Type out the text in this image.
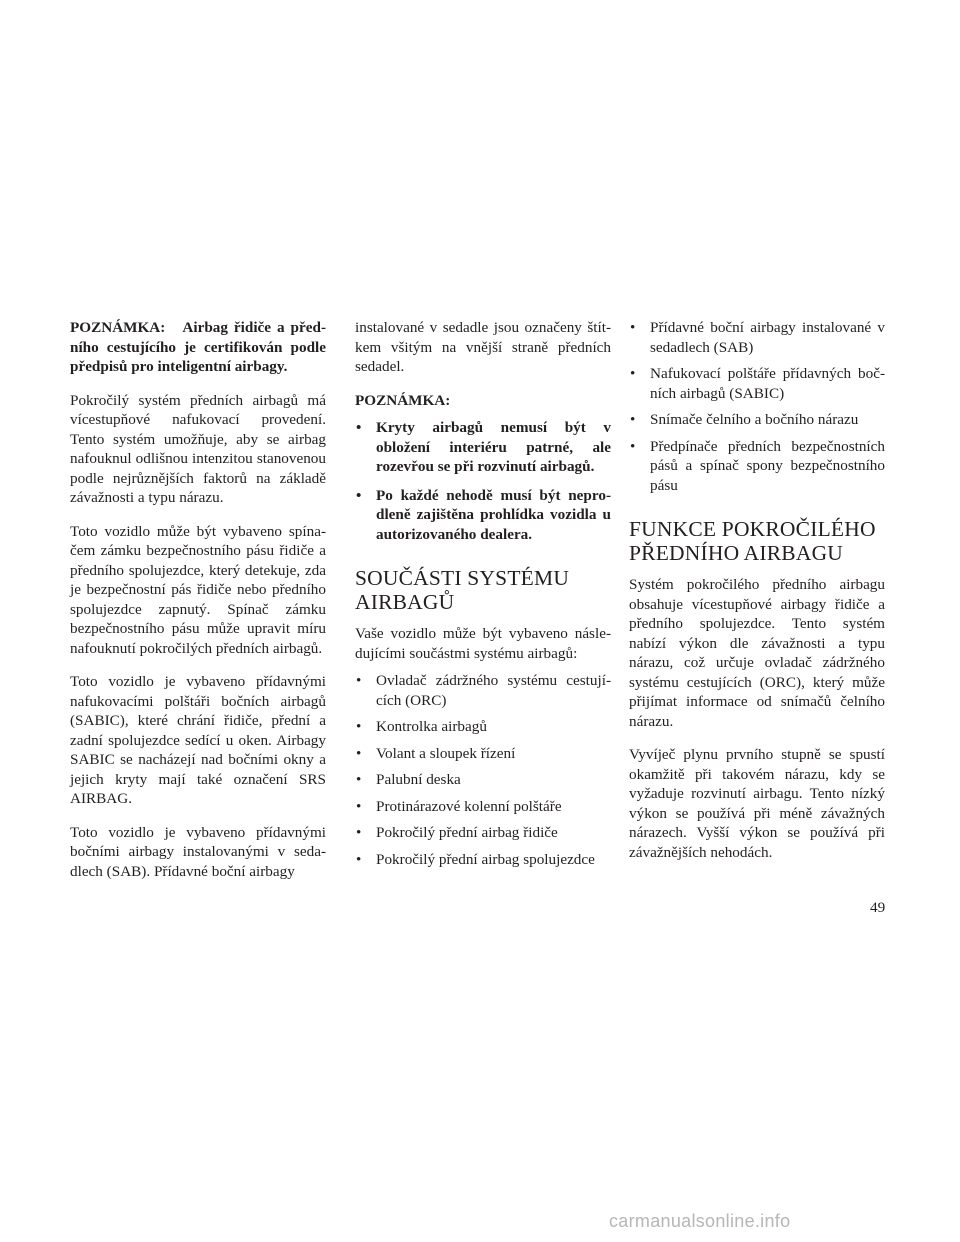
POZNÁMKA: Airbag řidiče a předního cestujícího je certifikován podle předpisů pro inteligentní airbagy.

Pokročilý systém předních airbagů má vícestupňové nafukovací provedení. Tento systém umožňuje, aby se airbag nafouknul odlišnou intenzitou stanovenou podle nejrůznějších faktorů na základě závažnosti a typu nárazu.

Toto vozidlo může být vybaveno spínačem zámku bezpečnostního pásu řidiče a předního spolujezdce, který detekuje, zda je bezpečnostní pás řidiče nebo předního spolujezdce zapnutý. Spínač zámku bezpečnostního pásu může upravit míru nafouknutí pokročilých předních airbagů.

Toto vozidlo je vybaveno přídavnými nafukovacími polštáři bočních airbagů (SABIC), které chrání řidiče, přední a zadní spolujezdce sedící u oken. Airbagy SABIC se nacházejí nad bočními okny a jejich kryty mají také označení SRS AIRBAG.

Toto vozidlo je vybaveno přídavnými bočními airbagy instalovanými v sedadlech (SAB). Přídavné boční airbagy

instalované v sedadle jsou označeny štítkem všitým na vnější straně předních sedadel.

POZNÁMKA:
• Kryty airbagů nemusí být v obložení interiéru patrné, ale rozevřou se při rozvinutí airbagů.
• Po každé nehodě musí být neprodleně zajištěna prohlídka vozidla u autorizovaného dealera.
SOUČÁSTI SYSTÉMU
AIRBAGŮ

Vaše vozidlo může být vybaveno následujícími součástmi systému airbagů:

• Ovladač zádržného systému cestujících (ORC)
• Kontrolka airbagů
• Volant a sloupek řízení
• Palubní deska
• Protinárazové kolenní polštáře
• Pokročilý přední airbag řidiče
• Pokročilý přední airbag spolujezdce
• Přídavné boční airbagy instalované v sedadlech (SAB)
• Nafukovací polštáře přídavných bočních airbagů (SABIC)
• Snímače čelního a bočního nárazu
• Předpínače předních bezpečnostních pásů a spínač spony bezpečnostního pásu
FUNKCE POKROČILÉHO
PŘEDNÍHO AIRBAGU

Systém pokročilého předního airbagu obsahuje vícestupňové airbagy řidiče a předního spolujezdce. Tento systém nabízí výkon dle závažnosti a typu nárazu, což určuje ovladač zádržného systému cestujících (ORC), který může přijímat informace od snímačů čelního nárazu.

Vyvíječ plynu prvního stupně se spustí okamžitě při takovém nárazu, kdy se vyžaduje rozvinutí airbagu. Tento nízký výkon se používá při méně závažných nárazech. Vyšší výkon se používá při závažnějších nehodách.

49
carmanualsonline.info
